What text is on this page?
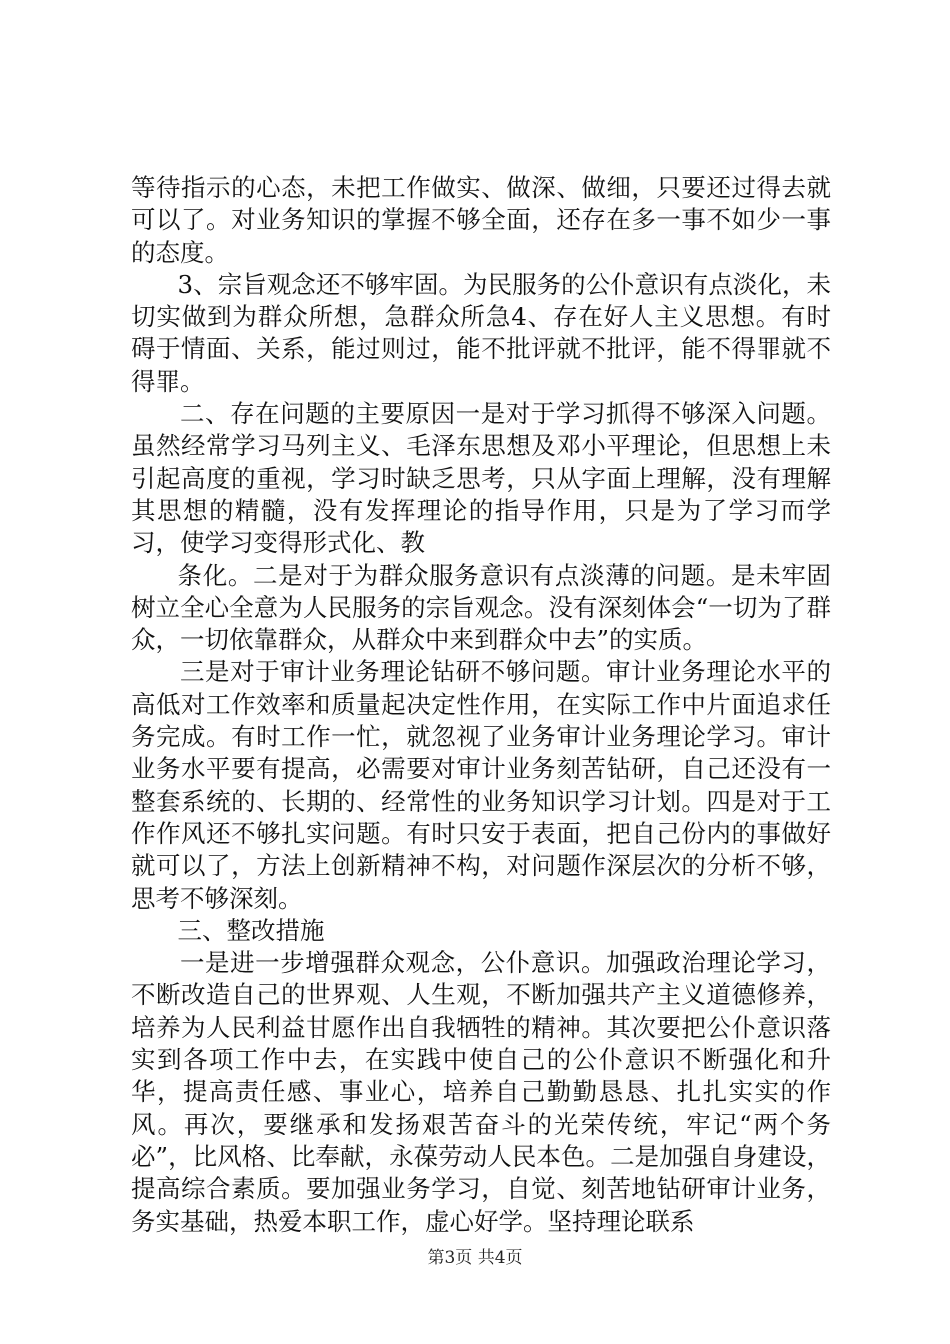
等待指示的心态，未把工作做实、做深、做细，只要还过得去就可以了。对业务知识的掌握不够全面，还存在多一事不如少一事的态度。

3、宗旨观念还不够牢固。为民服务的公仆意识有点淡化，未切实做到为群众所想，急群众所急4、存在好人主义思想。有时碍于情面、关系，能过则过，能不批评就不批评，能不得罪就不得罪。

二、存在问题的主要原因一是对于学习抓得不够深入问题。虽然经常学习马列主义、毛泽东思想及邓小平理论，但思想上未引起高度的重视，学习时缺乏思考，只从字面上理解，没有理解其思想的精髓，没有发挥理论的指导作用，只是为了学习而学习，使学习变得形式化、教

条化。二是对于为群众服务意识有点淡薄的问题。是未牢固树立全心全意为人民服务的宗旨观念。没有深刻体会“一切为了群众，一切依靠群众，从群众中来到群众中去”的实质。

三是对于审计业务理论钻研不够问题。审计业务理论水平的高低对工作效率和质量起决定性作用，在实际工作中片面追求任务完成。有时工作一忙，就忽视了业务审计业务理论学习。审计业务水平要有提高，必需要对审计业务刻苦钻研，自己还没有一整套系统的、长期的、经常性的业务知识学习计划。四是对于工作作风还不够扎实问题。有时只安于表面，把自己份内的事做好就可以了，方法上创新精神不构，对问题作深层次的分析不够，思考不够深刻。

三、整改措施

一是进一步增强群众观念，公仆意识。加强政治理论学习，不断改造自己的世界观、人生观，不断加强共产主义道德修养，培养为人民利益甘愿作出自我牺牲的精神。其次要把公仆意识落实到各项工作中去，在实践中使自己的公仆意识不断强化和升华，提高责任感、事业心，培养自己勤勤恳恳、扎扎实实的作风。再次，要继承和发扬艰苦奋斗的光荣传统，牢记“两个务必”，比风格、比奉献，永葆劳动人民本色。二是加强自身建设，提高综合素质。要加强业务学习，自觉、刻苦地钻研审计业务，务实基础，热爱本职工作，虚心好学。坚持理论联系

第3页 共4页
